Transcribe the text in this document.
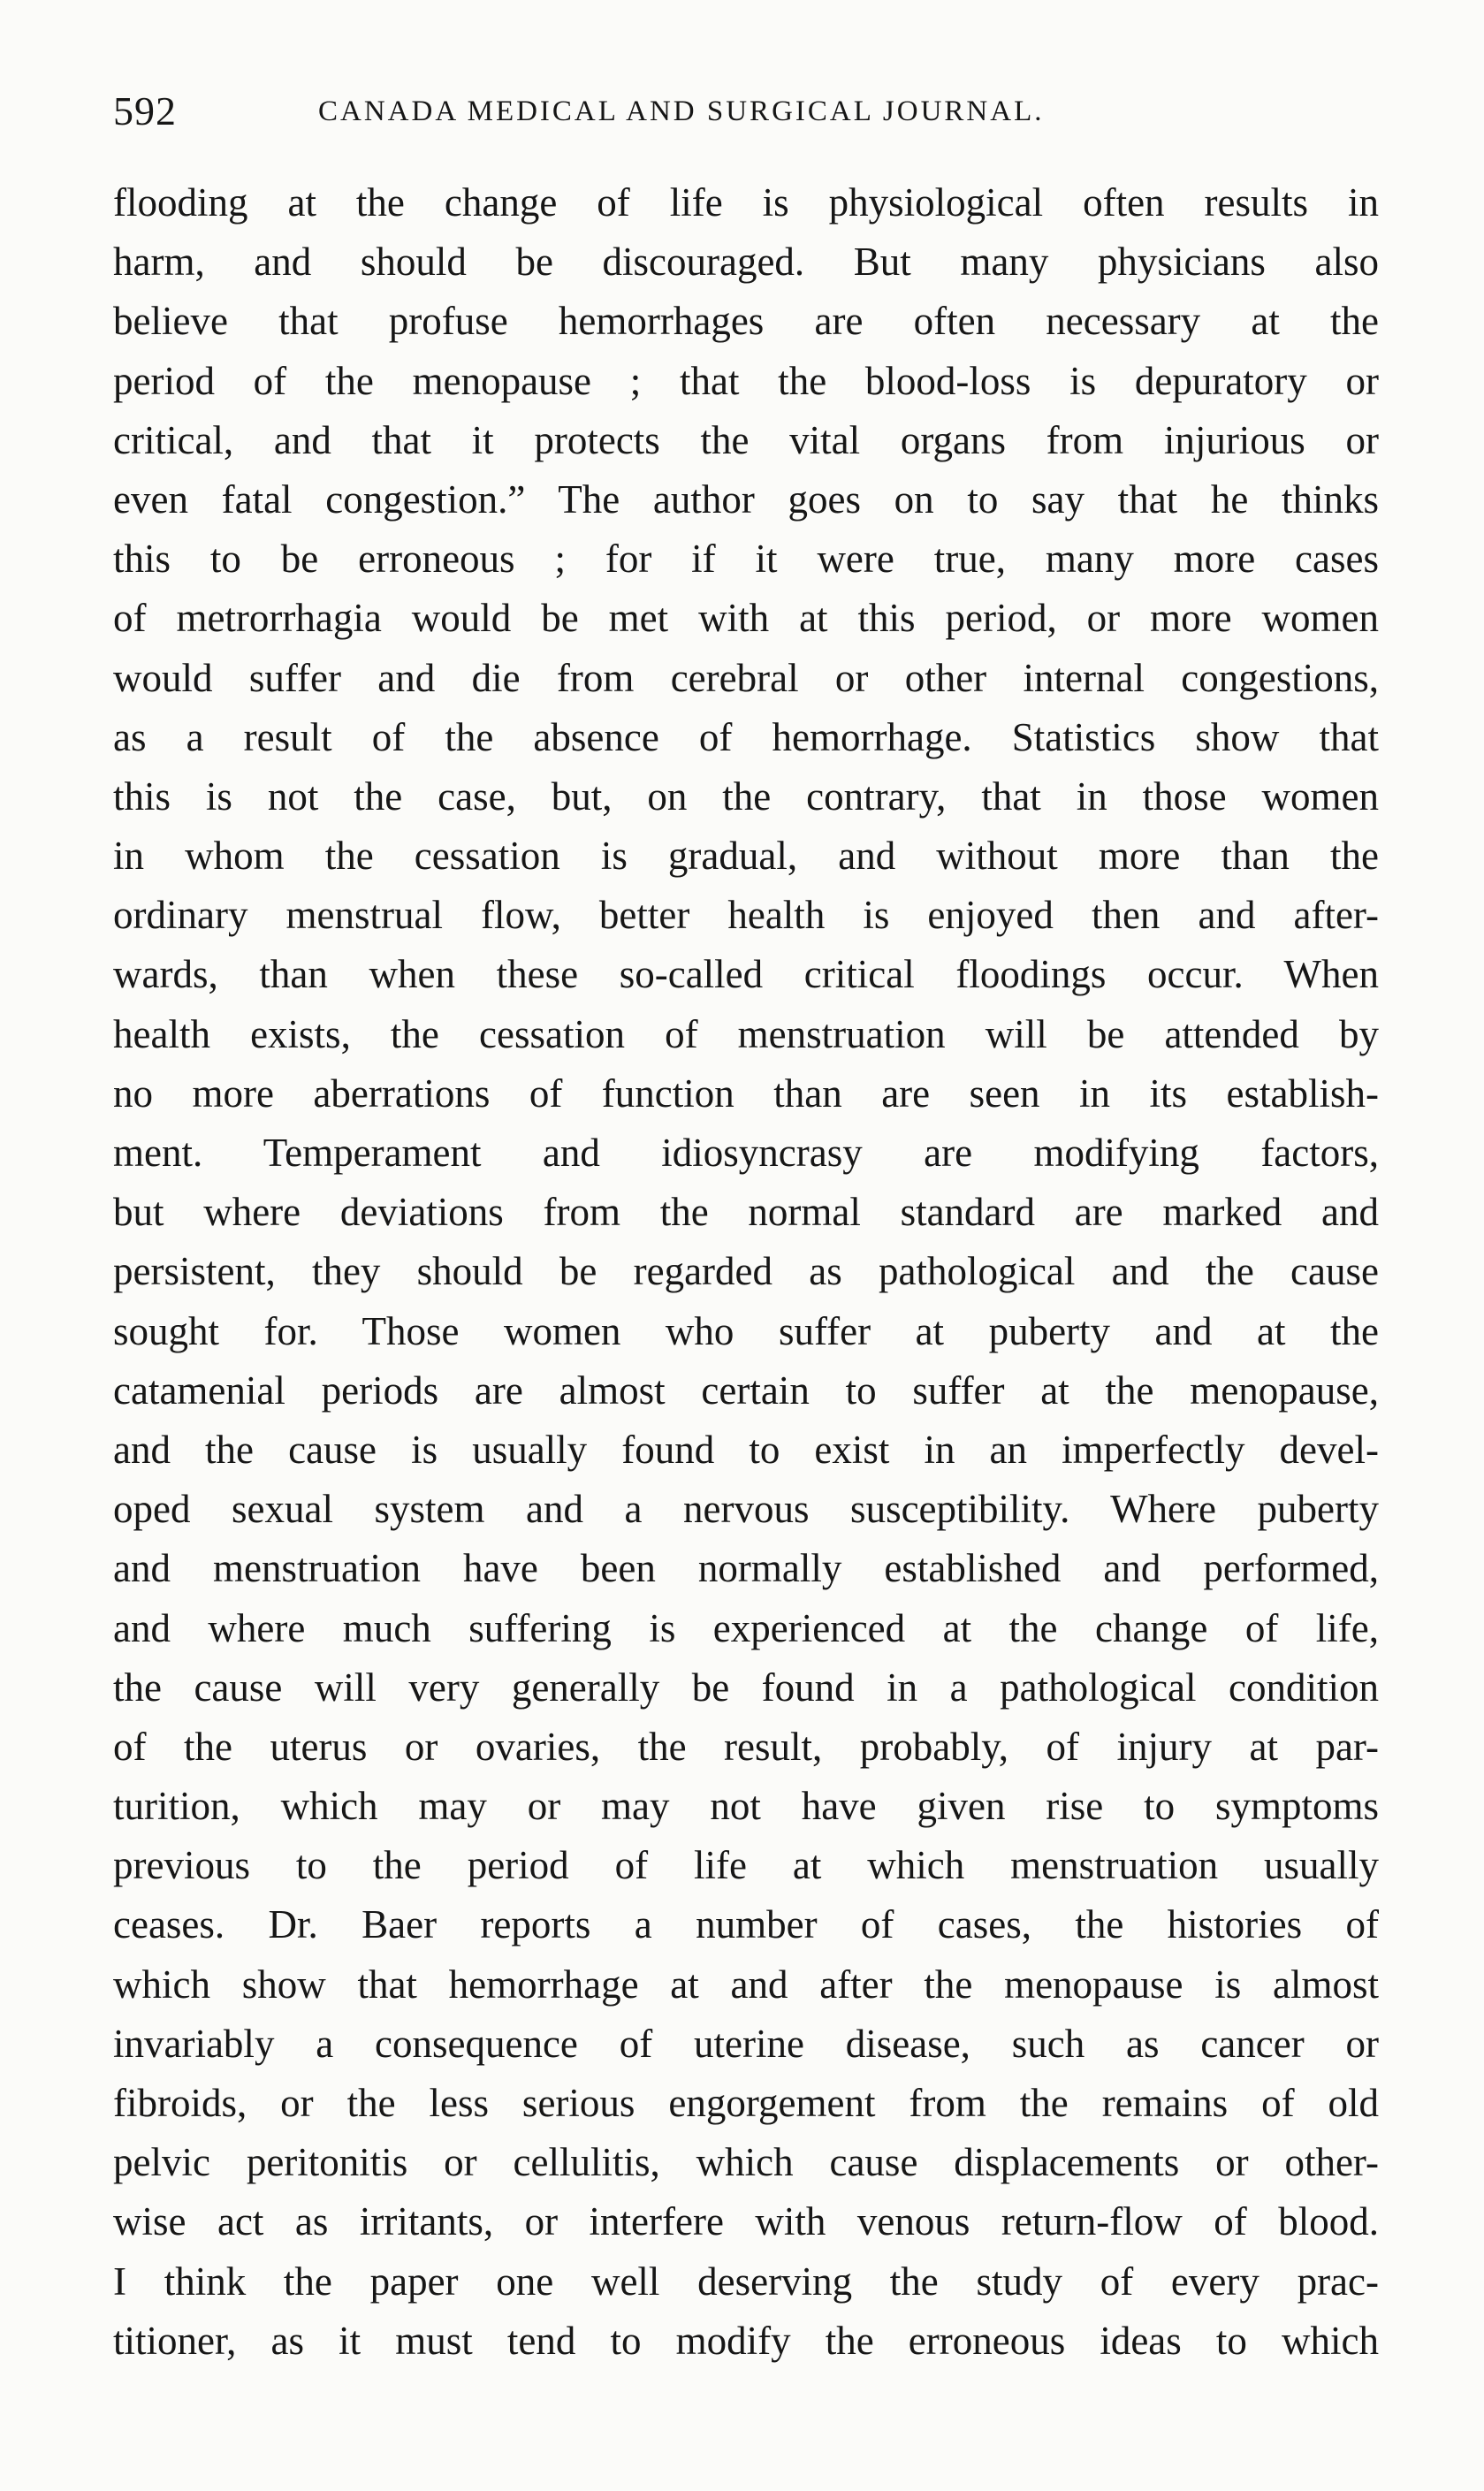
592	CANADA MEDICAL AND SURGICAL JOURNAL.
flooding at the change of life is physiological often results in
harm, and should be discouraged. But many physicians also
believe that profuse hemorrhages are often necessary at the
period of the menopause ; that the blood-loss is depuratory or
critical, and that it protects the vital organs from injurious or
even fatal congestion.” The author goes on to say that he thinks
this to be erroneous ; for if it were true, many more cases
of metrorrhagia would be met with at this period, or more women
would suffer and die from cerebral or other internal congestions,
as a result of the absence of hemorrhage. Statistics show that
this is not the case, but, on the contrary, that in those women
in whom the cessation is gradual, and without more than the
ordinary menstrual flow, better health is enjoyed then and after-
wards, than when these so-called critical floodings occur. When
health exists, the cessation of menstruation will be attended by
no more aberrations of function than are seen in its establish-
ment. Temperament and idiosyncrasy are modifying factors,
but where deviations from the normal standard are marked and
persistent, they should be regarded as pathological and the cause
sought for. Those women who suffer at puberty and at the
catamenial periods are almost certain to suffer at the menopause,
and the cause is usually found to exist in an imperfectly devel-
oped sexual system and a nervous susceptibility. Where puberty
and menstruation have been normally established and performed,
and where much suffering is experienced at the change of life,
the cause will very generally be found in a pathological condition
of the uterus or ovaries, the result, probably, of injury at par-
turition, which may or may not have given rise to symptoms
previous to the period of life at which menstruation usually
ceases. Dr. Baer reports a number of cases, the histories of
which show that hemorrhage at and after the menopause is almost
invariably a consequence of uterine disease, such as cancer or
fibroids, or the less serious engorgement from the remains of old
pelvic peritonitis or cellulitis, which cause displacements or other-
wise act as irritants, or interfere with venous return-flow of blood.
I think the paper one well deserving the study of every prac-
titioner, as it must tend to modify the erroneous ideas to which
